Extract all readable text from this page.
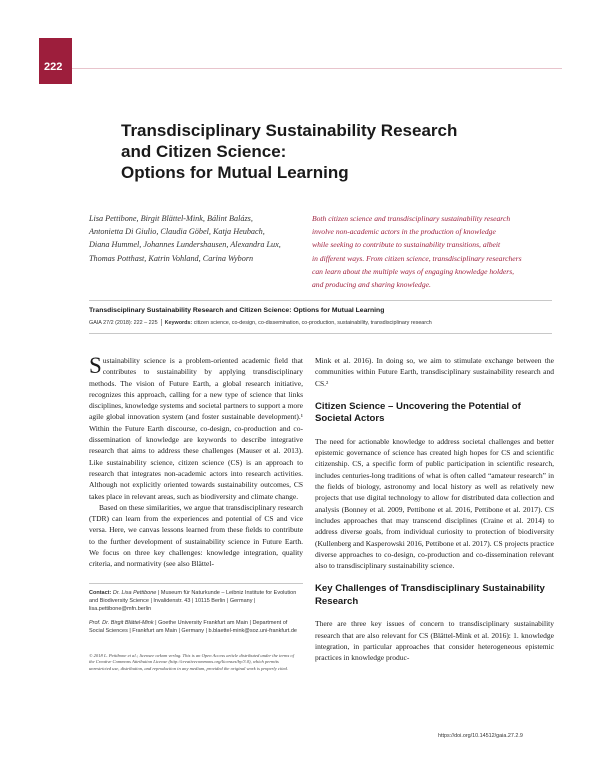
222
Transdisciplinary Sustainability Research
and Citizen Science:
Options for Mutual Learning
Lisa Pettibone, Birgit Blättel-Mink, Bálint Balázs,
Antonietta Di Giulio, Claudia Göbel, Katja Heubach,
Diana Hummel, Johannes Lundershausen, Alexandra Lux,
Thomas Potthast, Katrin Vohland, Carina Wyborn
Both citizen science and transdisciplinary sustainability research
involve non-academic actors in the production of knowledge
while seeking to contribute to sustainability transitions, albeit
in different ways. From citizen science, transdisciplinary researchers
can learn about the multiple ways of engaging knowledge holders,
and producing and sharing knowledge.
Transdisciplinary Sustainability Research and Citizen Science: Options for Mutual Learning
GAIA 27/2 (2018): 222 – 225 Keywords: citizen science, co-design, co-dissemination, co-production, sustainability, transdisciplinary research

Sustainability science is a problem-oriented academic field that contributes to sustainability by applying transdisciplinary methods. The vision of Future Earth, a global research initiative, recognizes this approach, calling for a new type of science that links disciplines, knowledge systems and societal partners to support a more agile global innovation system (and foster sustainable development).¹ Within the Future Earth discourse, co-design, co-production and co-dissemination of knowledge are keywords to describe integrative research that aims to address these challenges (Mauser et al. 2013). Like sustainability science, citizen science (CS) is an approach to research that integrates non-academic actors into research activities. Although not explicitly oriented towards sustainability outcomes, CS takes place in relevant areas, such as biodiversity and climate change.

Based on these similarities, we argue that transdisciplinary research (TDR) can learn from the experiences and potential of CS and vice versa. Here, we canvas lessons learned from these fields to contribute to the further development of sustainability science in Future Earth. We focus on three key challenges: knowledge integration, quality criteria, and normativity (see also Blättel-

Contact: Dr. Lisa Pettibone | Museum für Naturkunde – Leibniz Institute for Evolution and Biodiversity Science | Invalidenstr. 43 | 10115 Berlin | Germany | lisa.pettibone@mfn.berlin
Prof. Dr. Birgit Blättel-Mink | Goethe University Frankfurt am Main | Department of Social Sciences | Frankfurt am Main | Germany | b.blaettel-mink@soz.uni-frankfurt.de
© 2018 L. Pettibone et al.; licensee oekom verlag. This is an Open Access article distributed under the terms of the Creative Commons Attribution License (http://creativecommons.org/licenses/by/3.0), which permits unrestricted use, distribution, and reproduction in any medium, provided the original work is properly cited.

Mink et al. 2016). In doing so, we aim to stimulate exchange between the communities within Future Earth, transdisciplinary sustainability research and CS.²

Citizen Science – Uncovering the Potential of Societal Actors

The need for actionable knowledge to address societal challenges and better epistemic governance of science has created high hopes for CS and scientific citizenship. CS, a specific form of public participation in scientific research, includes centuries-long traditions of what is often called “amateur research” in the fields of biology, astronomy and local history as well as relatively new projects that use digital technology to allow for distributed data collection and analysis (Bonney et al. 2009, Pettibone et al. 2016, Pettibone et al. 2017). CS includes approaches that may transcend disciplines (Craine et al. 2014) to address diverse goals, from individual curiosity to protection of biodiversity (Kullenberg and Kasperowski 2016, Pettibone et al. 2017). CS projects practice diverse approaches to co-design, co-production and co-dissemination relevant also to transdisciplinary sustainability science.

Key Challenges of Transdisciplinary Sustainability Research

There are three key issues of concern to transdisciplinary sustainability research that are also relevant for CS (Blättel-Mink et al. 2016): 1. knowledge integration, in particular approaches that consider heterogeneous epistemic practices in knowledge produc-

https://doi.org/10.14512/gaia.27.2.9
